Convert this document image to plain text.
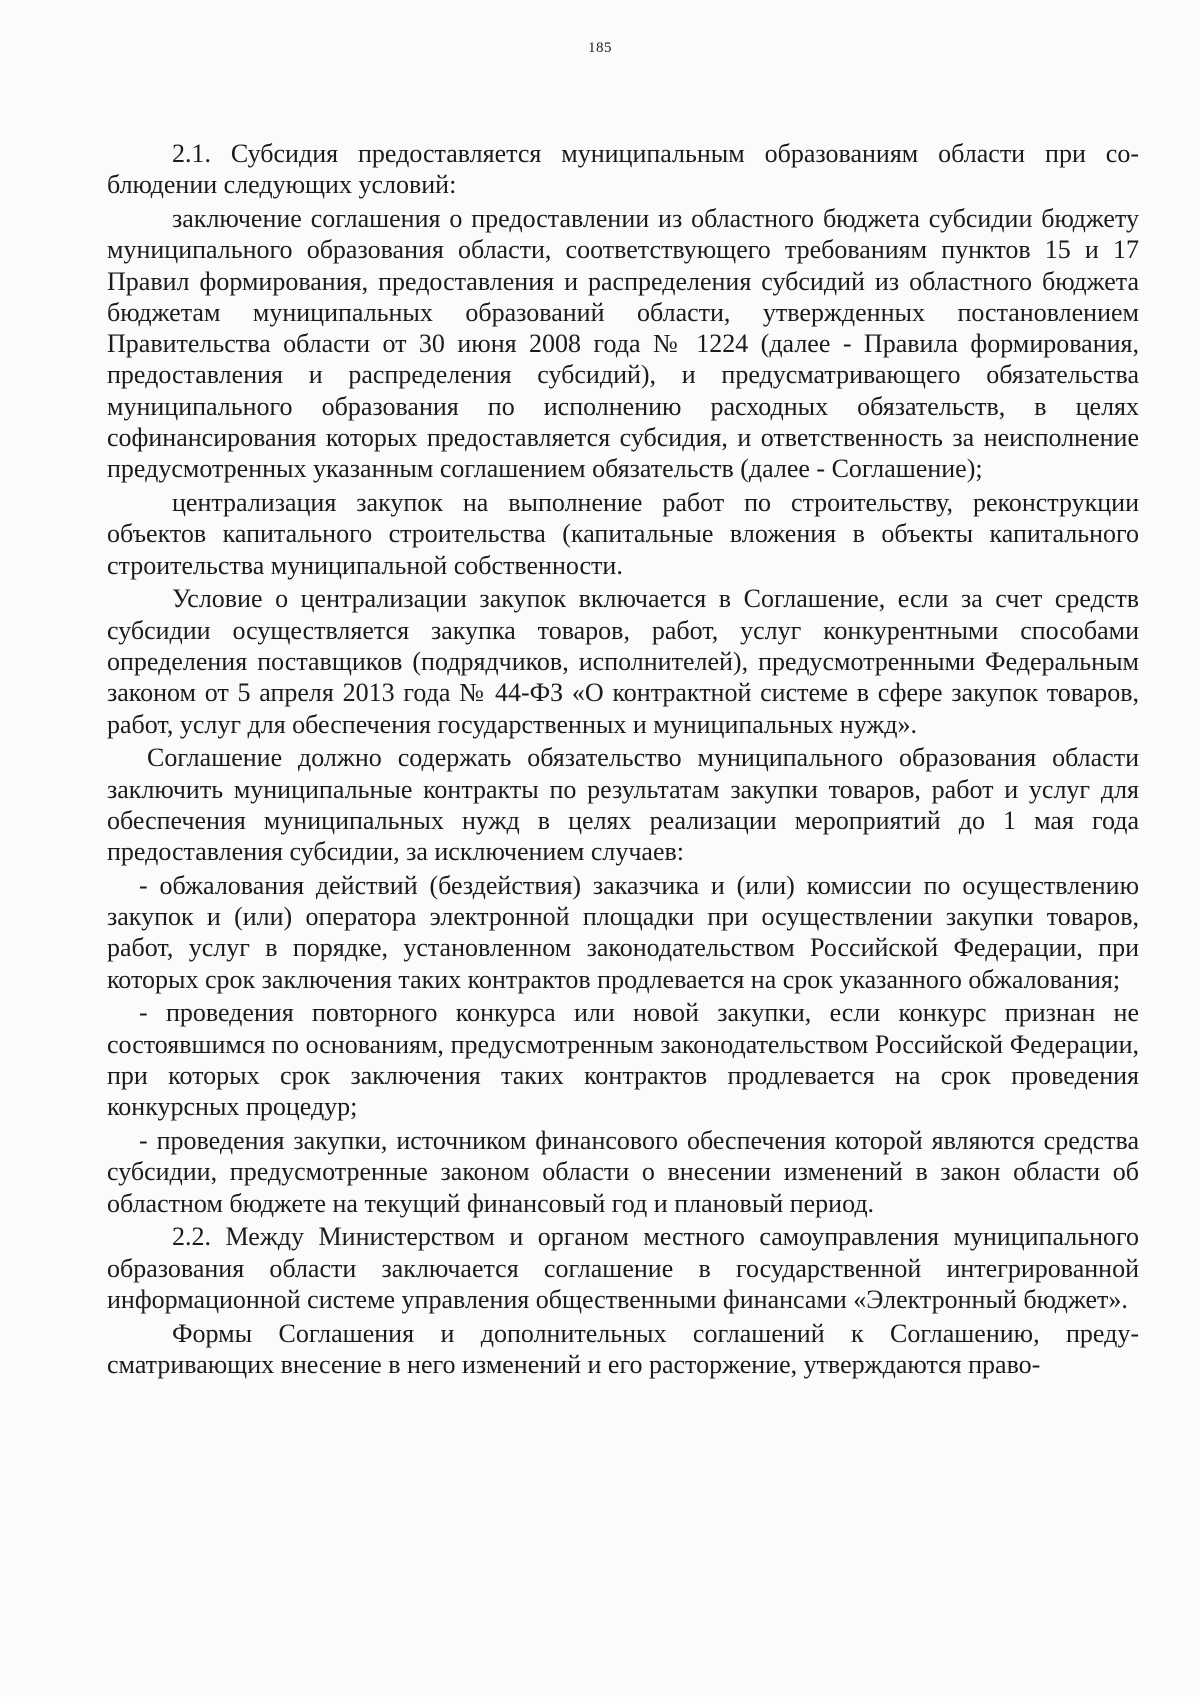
185

2.1. Субсидия предоставляется муниципальным образованиям области при соблюдении следующих условий:

заключение соглашения о предоставлении из областного бюджета субсидии бюджету муниципального образования области, соответствующего требованиям пунктов 15 и 17 Правил формирования, предоставления и распределения субсидий из областного бюджета бюджетам муниципальных образований области, утвержденных постановлением Правительства области от 30 июня 2008 года № 1224 (далее - Правила формирования, предоставления и распределения субсидий), и предусматривающего обязательства муниципального образования по исполнению расходных обязательств, в целях софинансирования которых предоставляется субсидия, и ответственность за неисполнение предусмотренных указанным соглашением обязательств (далее - Соглашение);

централизация закупок на выполнение работ по строительству, реконструкции объектов капитального строительства (капитальные вложения в объекты капитального строительства муниципальной собственности.

Условие о централизации закупок включается в Соглашение, если за счет средств субсидии осуществляется закупка товаров, работ, услуг конкурентными способами определения поставщиков (подрядчиков, исполнителей), предусмотренными Федеральным законом от 5 апреля 2013 года № 44-ФЗ «О контрактной системе в сфере закупок товаров, работ, услуг для обеспечения государственных и муниципальных нужд».

Соглашение должно содержать обязательство муниципального образования области заключить муниципальные контракты по результатам закупки товаров, работ и услуг для обеспечения муниципальных нужд в целях реализации мероприятий до 1 мая года предоставления субсидии, за исключением случаев:

- обжалования действий (бездействия) заказчика и (или) комиссии по осуществлению закупок и (или) оператора электронной площадки при осуществлении закупки товаров, работ, услуг в порядке, установленном законодательством Российской Федерации, при которых срок заключения таких контрактов продлевается на срок указанного обжалования;

- проведения повторного конкурса или новой закупки, если конкурс признан не состоявшимся по основаниям, предусмотренным законодательством Российской Федерации, при которых срок заключения таких контрактов продлевается на срок проведения конкурсных процедур;

- проведения закупки, источником финансового обеспечения которой являются средства субсидии, предусмотренные законом области о внесении изменений в закон области об областном бюджете на текущий финансовый год и плановый период.

2.2. Между Министерством и органом местного самоуправления муниципального образования области заключается соглашение в государственной интегрированной информационной системе управления общественными финансами «Электронный бюджет».

Формы Соглашения и дополнительных соглашений к Соглашению, предусматривающих внесение в него изменений и его расторжение, утверждаются право-
